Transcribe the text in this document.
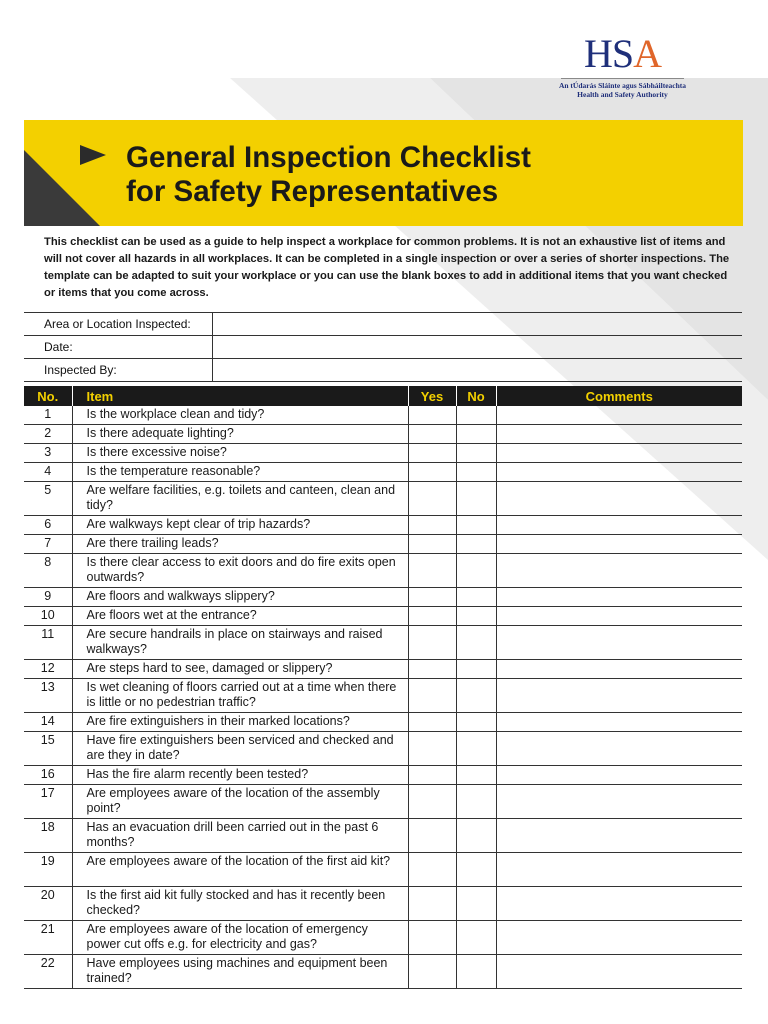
HSA
An tÚdarás Sláinte agus Sábháilteachta
Health and Safety Authority
General Inspection Checklist
for Safety Representatives

This checklist can be used as a guide to help inspect a workplace for common problems. It is not an exhaustive list of items and will not cover all hazards in all workplaces. It can be completed in a single inspection or over a series of shorter inspections. The template can be adapted to suit your workplace or you can use the blank boxes to add in additional items that you want checked or items that you come across.

Area or Location Inspected:	
Date:	
Inspected By:	
No.	Item	Yes	No	Comments
1	Is the workplace clean and tidy?			
2	Is there adequate lighting?			
3	Is there excessive noise?			
4	Is the temperature reasonable?			
5	Are welfare facilities, e.g. toilets and canteen, clean and tidy?			
6	Are walkways kept clear of trip hazards?			
7	Are there trailing leads?			
8	Is there clear access to exit doors and do fire exits open outwards?			
9	Are floors and walkways slippery?			
10	Are floors wet at the entrance?			
11	Are secure handrails in place on stairways and raised walkways?			
12	Are steps hard to see, damaged or slippery?			
13	Is wet cleaning of floors carried out at a time when there is little or no pedestrian traffic?			
14	Are fire extinguishers in their marked locations?			
15	Have fire extinguishers been serviced and checked and are they in date?			
16	Has the fire alarm recently been tested?			
17	Are employees aware of the location of the assembly point?			
18	Has an evacuation drill been carried out in the past 6 months?			
19	Are employees aware of the location of the first aid kit?			
20	Is the first aid kit fully stocked and has it recently been checked?			
21	Are employees aware of the location of emergency power cut offs e.g. for electricity and gas?			
22	Have employees using machines and equipment been trained?			
